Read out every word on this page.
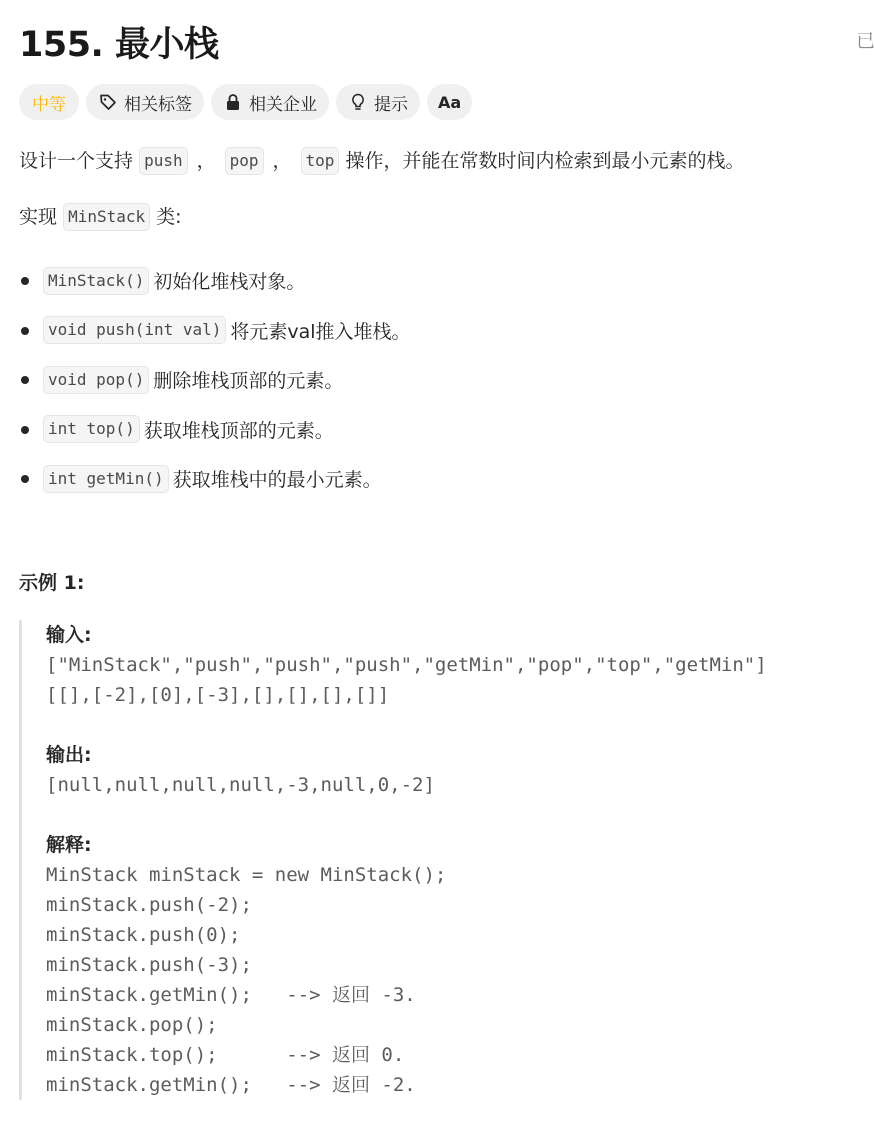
155. 最小栈	已
中等	相关标签	相关企业	提示 Aa
设计一个支持 push ， pop ， top 操作，并能在常数时间内检索到最小元素的栈。
实现 MinStack 类:
MinStack() 初始化堆栈对象。
void push(int val) 将元素val推入堆栈。
void pop() 删除堆栈顶部的元素。
int top() 获取堆栈顶部的元素。
int getMin() 获取堆栈中的最小元素。
示例 1:
输入:
["MinStack","push","push","push","getMin","pop","top","getMin"]
[[],[-2],[0],[-3],[],[],[],[]]
输出:
[null,null,null,null,-3,null,0,-2]
解释:
MinStack minStack = new MinStack();
minStack.push(-2);
minStack.push(0);
minStack.push(-3);
minStack.getMin();   --> 返回 -3.
minStack.pop();
minStack.top();      --> 返回 0.
minStack.getMin();   --> 返回 -2.
